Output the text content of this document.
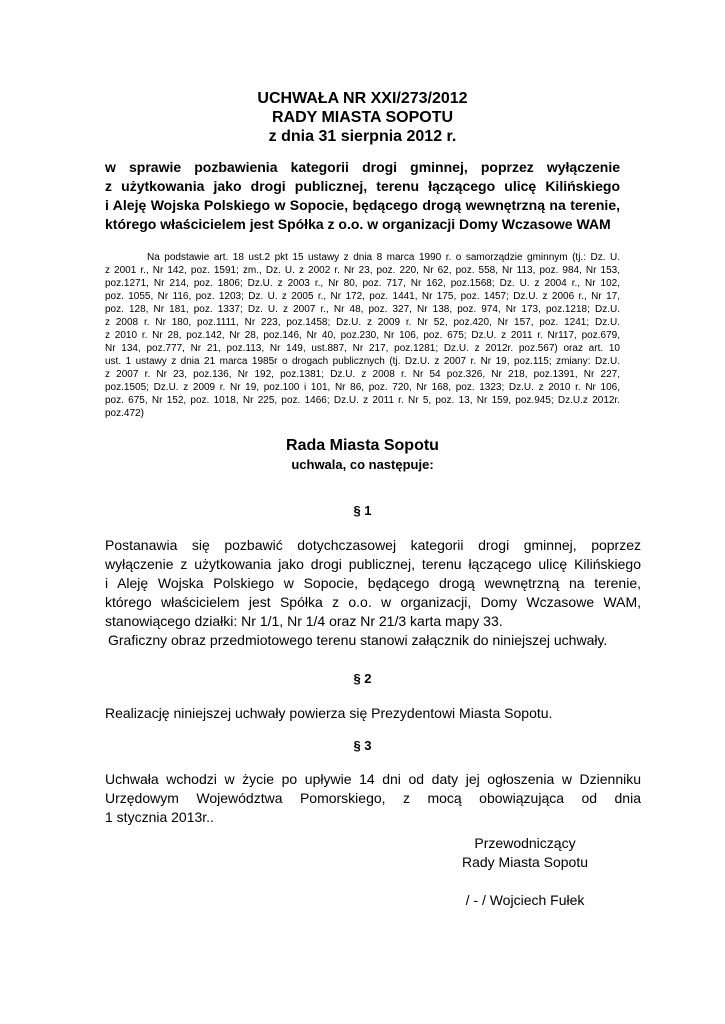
UCHWAŁA NR XXI/273/2012
RADY MIASTA SOPOTU
z dnia 31 sierpnia 2012 r.
w sprawie pozbawienia kategorii drogi gminnej, poprzez wyłączenie
z użytkowania jako drogi publicznej, terenu łączącego ulicę Kilińskiego
i Aleję Wojska Polskiego w Sopocie, będącego drogą wewnętrzną na terenie,
którego właścicielem jest Spółka z o.o. w organizacji Domy Wczasowe WAM
Na podstawie art. 18 ust.2 pkt 15 ustawy z dnia 8 marca 1990 r. o samorządzie gminnym (tj.: Dz. U.
z 2001 r., Nr 142, poz. 1591; zm., Dz. U. z 2002 r. Nr 23, poz. 220, Nr 62, poz. 558, Nr 113, poz. 984, Nr 153,
poz.1271, Nr 214, poz. 1806; Dz.U. z 2003 r., Nr 80, poz. 717, Nr 162, poz.1568; Dz. U. z 2004 r., Nr 102,
poz. 1055, Nr 116, poz. 1203; Dz. U. z 2005 r., Nr 172, poz. 1441, Nr 175, poz. 1457; Dz.U. z 2006 r., Nr 17,
poz. 128, Nr 181, poz. 1337; Dz. U. z 2007 r., Nr 48, poz. 327, Nr 138, poz. 974, Nr 173, poz.1218; Dz.U.
z 2008 r. Nr 180, poz.1111, Nr 223, poz.1458; Dz.U. z 2009 r. Nr 52, poz.420, Nr 157, poz. 1241; Dz.U.
z 2010 r. Nr 28, poz.142, Nr 28, poz.146, Nr 40, poz.230, Nr 106, poz. 675; Dz.U. z 2011 r. Nr117, poz.679,
Nr 134, poz.777, Nr 21, poz.113, Nr 149, ust.887, Nr 217, poz.1281; Dz.U. z 2012r. poz.567) oraz art. 10
ust. 1 ustawy z dnia 21 marca 1985r o drogach publicznych (tj. Dz.U. z 2007 r. Nr 19, poz.115; zmiany: Dz.U.
z 2007 r. Nr 23, poz.136, Nr 192, poz.1381; Dz.U. z 2008 r. Nr 54 poz.326, Nr 218, poz.1391, Nr 227,
poz.1505; Dz.U. z 2009 r. Nr 19, poz.100 i 101, Nr 86, poz. 720, Nr 168, poz. 1323; Dz.U. z 2010 r. Nr 106,
poz. 675, Nr 152, poz. 1018, Nr 225, poz. 1466; Dz.U. z 2011 r. Nr 5, poz. 13, Nr 159, poz.945; Dz.U.z 2012r.
poz.472)
Rada Miasta Sopotu
uchwala, co następuje:
§ 1
Postanawia się pozbawić dotychczasowej kategorii drogi gminnej, poprzez
wyłączenie z użytkowania jako drogi publicznej, terenu łączącego ulicę Kilińskiego
i Aleję Wojska Polskiego w Sopocie, będącego drogą wewnętrzną na terenie,
którego właścicielem jest Spółka z o.o. w organizacji, Domy Wczasowe WAM,
stanowiącego działki: Nr 1/1, Nr 1/4 oraz Nr 21/3 karta mapy 33.
Graficzny obraz przedmiotowego terenu stanowi załącznik do niniejszej uchwały.
§ 2
Realizację niniejszej uchwały powierza się Prezydentowi Miasta Sopotu.
§ 3
Uchwała wchodzi w życie po upływie 14 dni od daty jej ogłoszenia w Dzienniku
Urzędowym Województwa Pomorskiego, z mocą obowiązująca od dnia
1 stycznia 2013r..
Przewodniczący
Rady Miasta Sopotu
/ - / Wojciech Fułek
